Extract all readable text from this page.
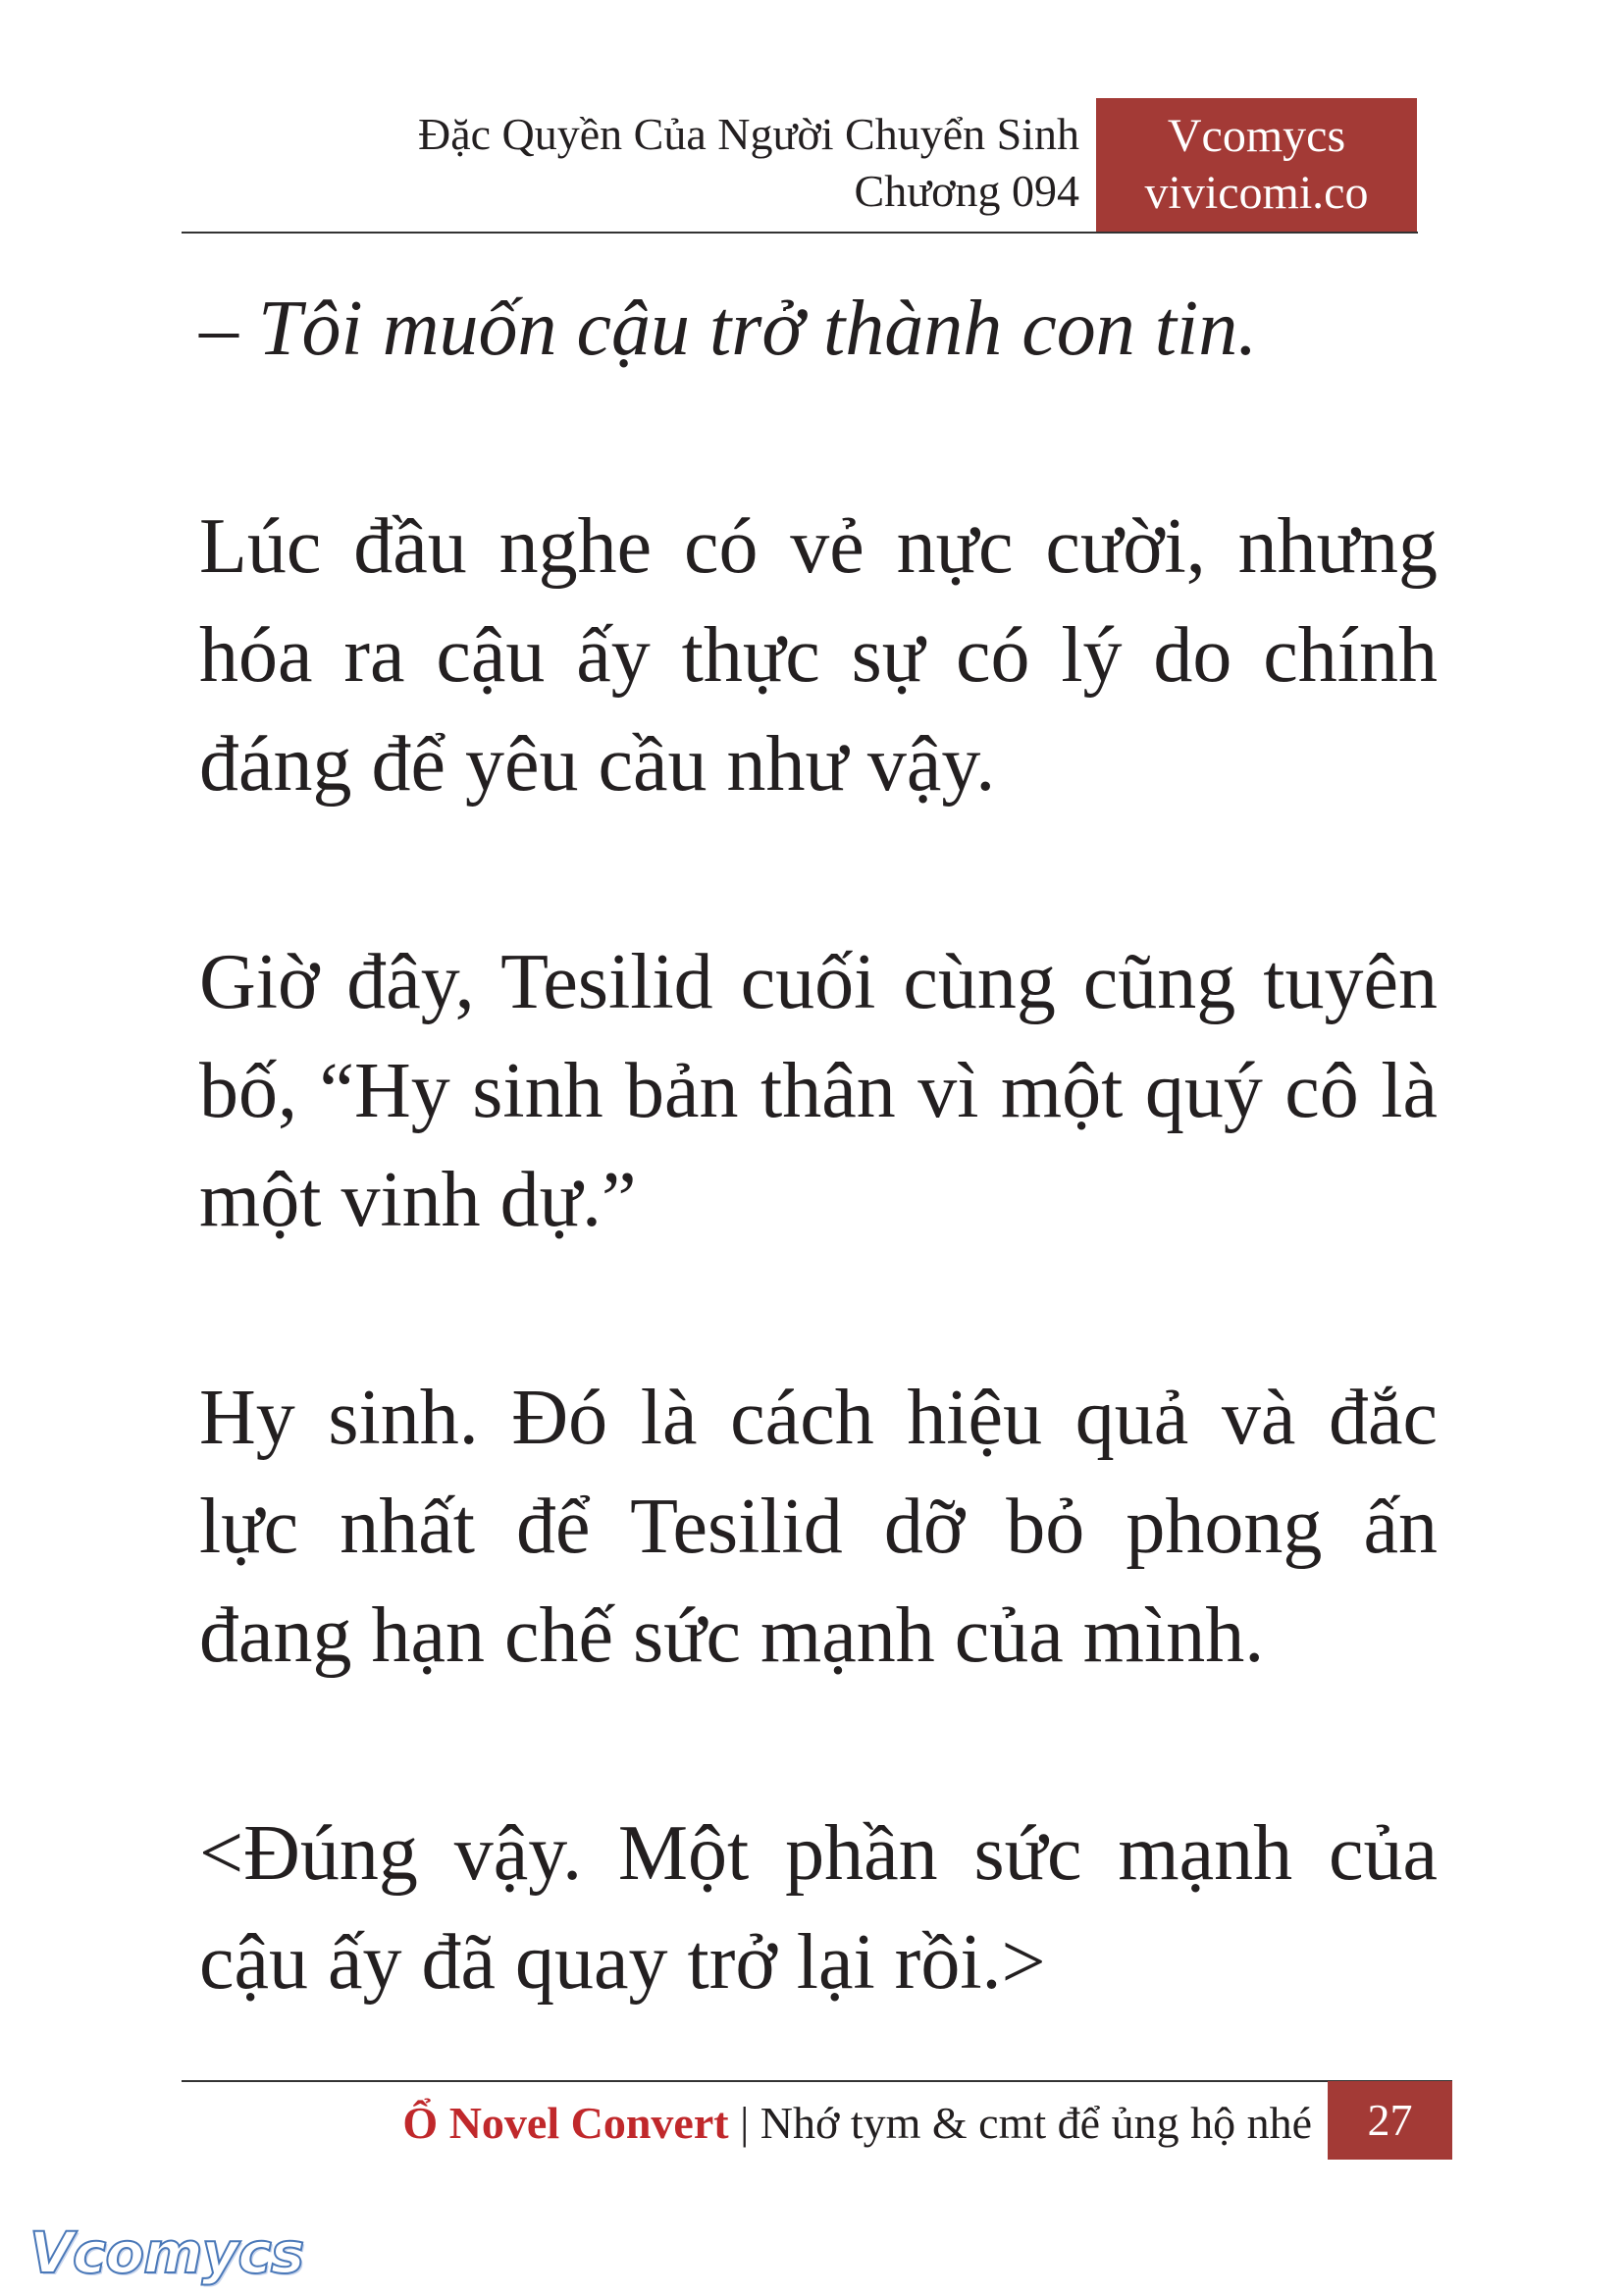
Đặc Quyền Của Người Chuyển Sinh
Chương 094
Vcomycs
vivicomi.co

– Tôi muốn cậu trở thành con tin.

Lúc đầu nghe có vẻ nực cười, nhưng hóa ra cậu ấy thực sự có lý do chính đáng để yêu cầu như vậy.

Giờ đây, Tesilid cuối cùng cũng tuyên bố, “Hy sinh bản thân vì một quý cô là một vinh dự.”

Hy sinh. Đó là cách hiệu quả và đắc lực nhất để Tesilid dỡ bỏ phong ấn đang hạn chế sức mạnh của mình.

<Đúng vậy. Một phần sức mạnh của cậu ấy đã quay trở lại rồi.>

Ổ Novel Convert | Nhớ tym & cmt để ủng hộ nhé	27
Vcomycs
